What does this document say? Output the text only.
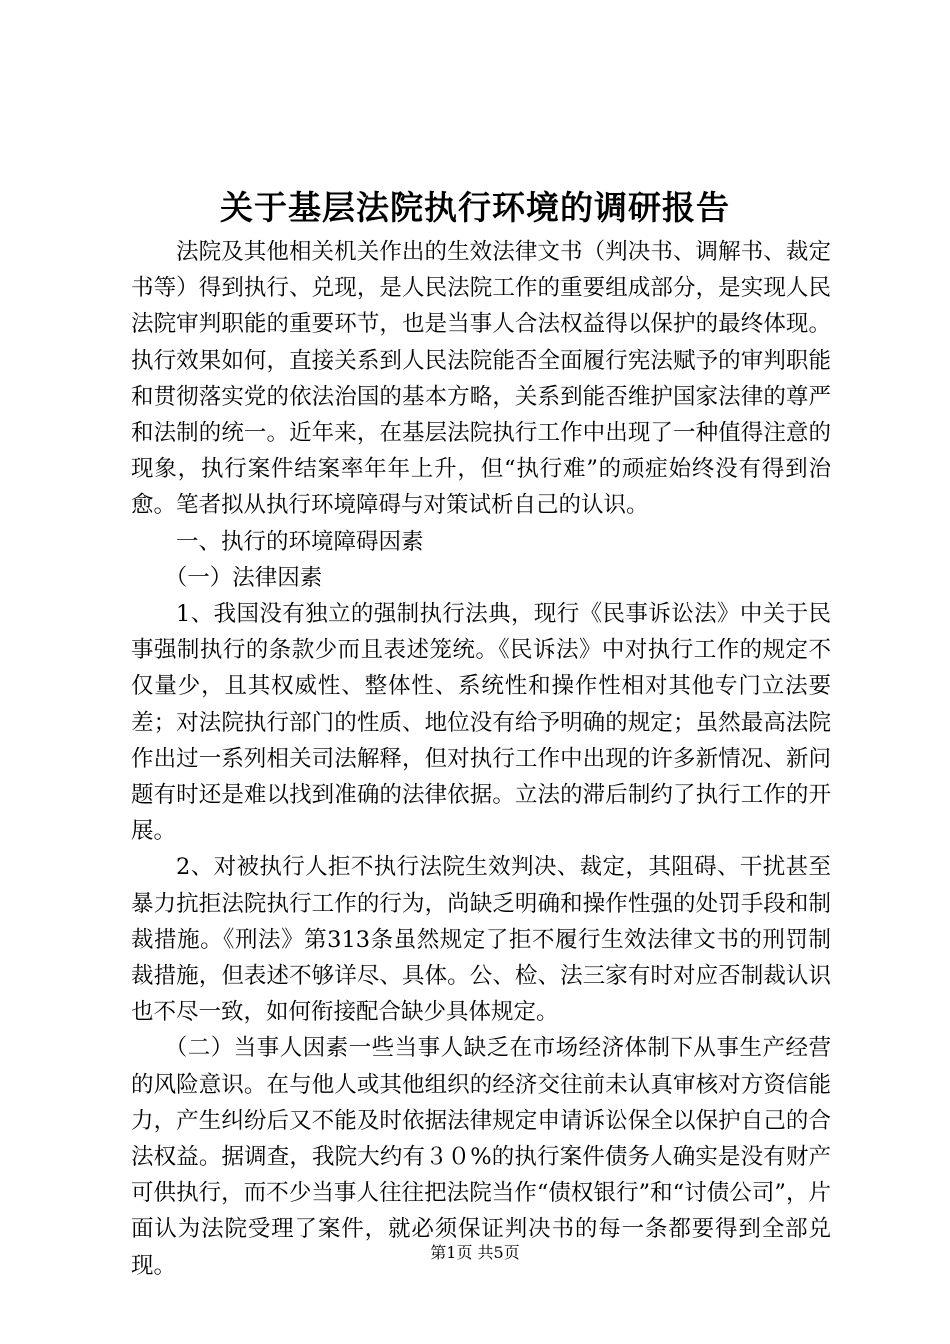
关于基层法院执行环境的调研报告

法院及其他相关机关作出的生效法律文书（判决书、调解书、裁定书等）得到执行、兑现，是人民法院工作的重要组成部分，是实现人民法院审判职能的重要环节，也是当事人合法权益得以保护的最终体现。执行效果如何，直接关系到人民法院能否全面履行宪法赋予的审判职能和贯彻落实党的依法治国的基本方略，关系到能否维护国家法律的尊严和法制的统一。近年来，在基层法院执行工作中出现了一种值得注意的现象，执行案件结案率年年上升，但“执行难”的顽症始终没有得到治愈。笔者拟从执行环境障碍与对策试析自己的认识。

一、执行的环境障碍因素

（一）法律因素

1、我国没有独立的强制执行法典，现行《民事诉讼法》中关于民事强制执行的条款少而且表述笼统。《民诉法》中对执行工作的规定不仅量少，且其权威性、整体性、系统性和操作性相对其他专门立法要差；对法院执行部门的性质、地位没有给予明确的规定；虽然最高法院作出过一系列相关司法解释，但对执行工作中出现的许多新情况、新问题有时还是难以找到准确的法律依据。立法的滞后制约了执行工作的开展。

2、对被执行人拒不执行法院生效判决、裁定，其阻碍、干扰甚至暴力抗拒法院执行工作的行为，尚缺乏明确和操作性强的处罚手段和制裁措施。《刑法》第313条虽然规定了拒不履行生效法律文书的刑罚制裁措施，但表述不够详尽、具体。公、检、法三家有时对应否制裁认识也不尽一致，如何衔接配合缺少具体规定。

（二）当事人因素一些当事人缺乏在市场经济体制下从事生产经营的风险意识。在与他人或其他组织的经济交往前未认真审核对方资信能力，产生纠纷后又不能及时依据法律规定申请诉讼保全以保护自己的合法权益。据调查，我院大约有３０%的执行案件债务人确实是没有财产可供执行，而不少当事人往往把法院当作“债权银行”和“讨债公司”，片面认为法院受理了案件，就必须保证判决书的每一条都要得到全部兑现。

第1页 共5页
